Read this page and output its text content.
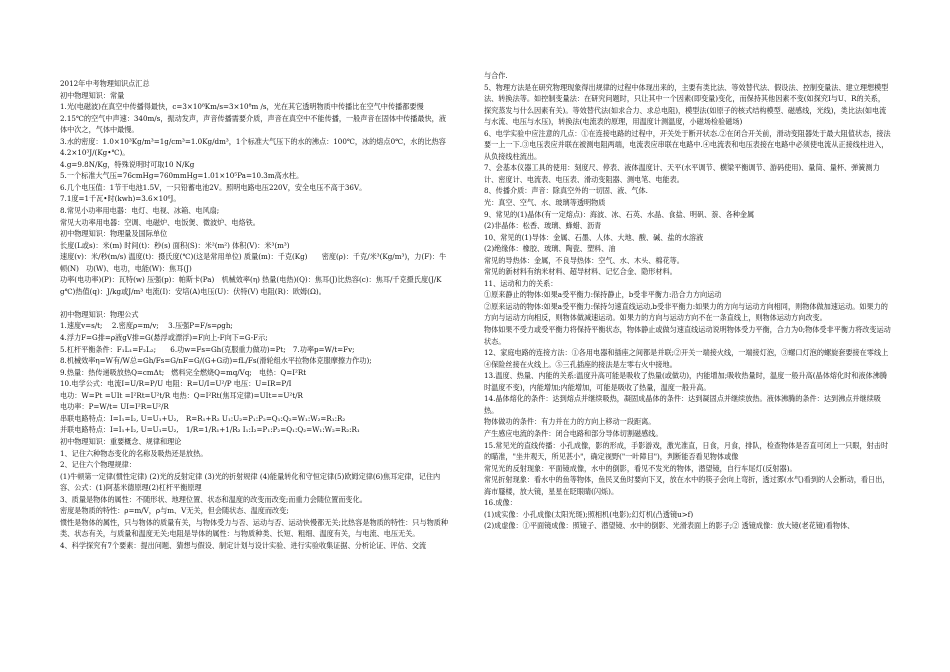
2012年中考物理知识点汇总
初中物理知识：常量
1.光(电磁波)在真空中传播得最快，c=3×10⁸Km/s=3×10⁸m /s，光在其它透明物质中传播比在空气中传播都要慢
2.15℃的空气中声速：340m/s，振动发声，声音传播需要介质，声音在真空中不能传播，一般声音在固体中传播最快，液体中次之，气体中最慢。
3.水的密度：1.0×10³Kg/m³=1g/cm³=1.0Kg/dm³，1个标准大气压下的水的沸点：100℃，冰的熔点0℃，水的比热容4.2×10³J/(Kg•℃)。
4.g=9.8N/Kg，特殊说明时可取10 N/Kg
5.一个标准大气压=76cmHg=760mmHg=1.01×10⁵Pa=10.3m高水柱。
6.几个电压值：1节干电池1.5V，一只铅蓄电池2V。照明电路电压220V，安全电压不高于36V。
7.1度=1千瓦•时(kwh)=3.6×10⁶J。
8.常见小功率用电器：电灯、电视、冰箱、电风扇;
常见大功率用电器：空调、电磁炉、电饭煲、微波炉、电烙铁。
初中物理知识：物理量及国际单位
长度(L或s)：米(m) 时间(t)：秒(s) 面积(S)：米²(m²) 体积(V)：米³(m³)
速度(v)：米/秒(m/s) 温度(t)：摄氏度(℃)(这是常用单位) 质量(m)：千克(Kg)　　密度(ρ)：千克/米³(Kg/m³)，力(F)：牛顿(N)　功(W)、电功，电能(W)：焦耳(J)
功率(电功率)(P)：瓦特(w) 压强(p)：帕斯卡(Pa)　机械效率(η) 热量(电热)(Q)：焦耳(J)比热容(c)：焦耳/千克摄氏度(J/Kg℃)热值(q)：J/kg或J/m³ 电流(I)：安培(A)电压(U)：伏特(V) 电阻(R)：欧姆(Ω)。
初中物理知识：物理公式
1.速度v=s/t;　 2.密度ρ=m/v;　 3.压强P=F/s=ρgh;
4.浮力F=G排=ρ液gV排=G(悬浮或漂浮)=F向上-F向下=G-F示;
5.杠杆平衡条件：F₁L₁=F₂L₂;　　6.功w=Fs=Gh(克服重力做功)=Pt;　7.功率p=W/t=Fv;
8.机械效率η=W有/W总=Gh/Fs=G/nF=G/(G+G动)=fL/Fs(滑轮组水平拉物体克服摩擦力作功);
9.热量：热传递吸放热Q=cmΔt;　燃料完全燃烧Q=mq/Vq;　电热：Q=I²Rt
10.电学公式：电流I=U/R=P/U 电阻：R=U/I=U²/P 电压：U=IR=P/I
电功：W=Pt =UIt =I²Rt=U²t/R 电热：Q=I²Rt(焦耳定律)=UIt==U²t/R
电功率：P=W/t= UI=I²R=U²/R
串联电路特点：I=I₁=I₂, U=U₁+U₂,　R=R₁+R₂ U₁:U₂=P₁:P₂=Q₁:Q₂=W₁:W₂=R₁:R₂
并联电路特点：I=I₁+I₂, U=U₁=U₂,　1/R=1/R₁+1/R₂ I₁:I₂=P₁:P₂=Q₁:Q₂=W₁:W₂=R₂:R₁
初中物理知识：重要概念、规律和理论
1、记住六种物态变化的名称及吸热还是放热。
2、记住六个物理规律：
(1)牛顿第一定律(惯性定律) (2)光的反射定律 (3)光的折射规律 (4)能量转化和守恒定律(5)欧姆定律(6)焦耳定律，记住内容、公式：(1)阿基米德原理(2)杠杆平衡原理
3、质量是物体的属性：不随形状、地理位置、状态和温度的改变而改变;而重力会随位置而变化。
密度是物质的特性：ρ=m/V，ρ与m、V无关，但会随状态、温度而改变;
惯性是物体的属性，只与物体的质量有关，与物体受力与否、运动与否、运动快慢都无关;比热容是物质的特性：只与物质种类、状态有关，与质量和温度无关;电阻是导体的属性：与物质种类、长短、粗细、温度有关，与电流、电压无关。
4、科学探究有7个要素：提出问题、猜想与假设、制定计划与设计实验、进行实验收集证据、分析论证、评估、交流
与合作.
5、物理方法是在研究物理现象得出规律的过程中体现出来的，主要有类比法、等效替代法、假设法、控制变量法、建立理想模型法、转换法等。如控制变量法：在研究问题时，只让其中一个因素(即变量)变化，而保持其他因素不变(如探究I与U、R的关系，探究蒸发与什么因素有关)。等效替代法(如求合力、求总电阻)，模型法(如原子的核式结构模型、磁感线，光线)，类比法(如电流与水流、电压与水压)，转换法(电流表的原理，用温度计测温度，小磁场检验磁场)
6、电学实验中应注意的几点：①在连接电路的过程中，开关处于断开状态.②在闭合开关前，滑动变阻器处于最大阻值状态，接法要一上一下.③电压表应并联在被测电阻两端，电流表应串联在电路中.④电流表和电压表接在电路中必须使电流从正接线柱进入，从负接线柱流出。
7、会基本仪器工具的使用：刻度尺、停表、液体温度计、天平(水平调节、横梁平衡调节、游码使用)、量筒、量杯、弹簧测力计、密度计、电流表、电压表、滑动变阻器、测电笔、电能表。
8、传播介质：声音：除真空外的一切固、液、气体.
光：真空、空气、水、玻璃等透明物质
9、常见的(1)晶体(有一定熔点)：海波、冰、石英、水晶、食盐、明矾、萘、各种金属
(2)非晶体：松香、玻璃、蜂蜡、沥青
10、常见的(1)导体：金属、石墨、人体、大地、酸、碱、盐的水溶液
(2)绝缘体：橡胶、玻璃、陶瓷、塑料、油
常见的导热体：金属，不良导热体：空气、水、木头、棉花等。
常见的新材料有纳米材料、超导材料、记忆合金、隐形材料。
11、运动和力的关系：
①原来静止的物体:如果a受平衡力:保持静止，b受非平衡力:沿合力方向运动
②原来运动的物体:如果a受平衡力:保持匀速直线运动,b受非平衡力:如果力的方向与运动方向相同，则物体做加速运动。如果力的方向与运动方向相反，则物体做减速运动。如果力的方向与运动方向不在一条直线上，则物体运动方向改变。
物体如果不受力或受平衡力将保持平衡状态，物体静止或做匀速直线运动说明物体受力平衡，合力为0;物体受非平衡力将改变运动状态。
12、家庭电路的连接方法：①各用电器和插座之间都是并联;②开关一端接火线，一端接灯泡，③螺口灯泡的螺旋套要接在零线上④保险丝接在火线上。⑤三孔插座的接法是左零右火中接地。
13.温度、热量、内能的关系:温度升高可能是吸收了热量(或做功)，内能增加;吸收热量时，温度一般升高(晶体熔化时和液体沸腾时温度不变)，内能增加;内能增加，可能是吸收了热量，温度一般升高。
14.晶体熔化的条件：达到熔点并继续吸热，凝固成晶体的条件：达到凝固点并继续放热。液体沸腾的条件：达到沸点并继续吸热。
物体做功的条件：有力并在力的方向上移动一段距离。
产生感应电流的条件：闭合电路和部分导体切割磁感线。
15.常见光的直线传播：小孔成像，影的形成，手影游戏，激光准直，日食，月食，排队，检查物体是否直可闭上一只眼，射击时的瞄准，"坐井观天，所见甚小"，确定视野("一叶障目")，判断能否看见物体或像
常见光的反射现象：平面镜成像，水中的倒影，看见不发光的物体，潜望镜，自行车尾灯(反射器)。
常见折射现象：看水中的鱼等物体，鱼民叉鱼时要向下叉，放在水中的筷子会向上弯折，透过雾(水气)看到的人会断动，看日出，海市蜃楼，放大镜，星星在眨眼睛(闪烁)。
16.成像：
(1)成实像：小孔成像(太阳光斑);照相机(电影);幻灯机(凸透镜u>f)
(2)成虚像：①平面镜成像：照镜子、潜望镜、水中的倒影、光滑表面上的影子;② 透镜成像：放大镜(老花镜)看物体、
